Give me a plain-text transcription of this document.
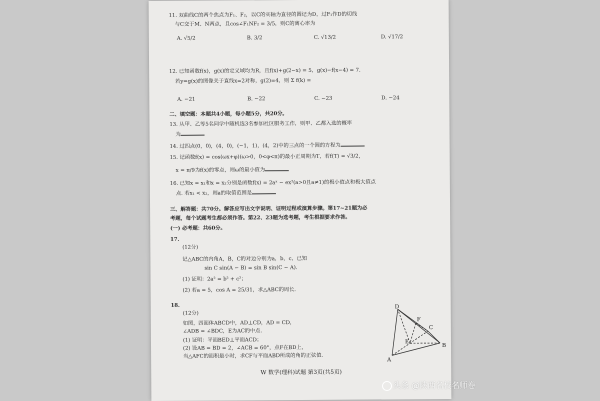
11. 双曲线C的两个焦点为F₁、F₂，以C的实轴为直径的圆记为D，过F₁作D的切线
与C交于M、N两点，且cos∠F₁NF₂ = 3/5，则C的离心率为
A. √5/2	B. 3/2	C. √13/2	D. √17/2
12. 已知函数f(x)，g(x)的定义域均为R，且f(x)+g(2−x) = 5，g(x)−f(x−4) = 7.
若y=g(x)的图像关于直线x=2对称，g(2)=4，则 Σ f(k) =
A. −21	B. −22	C. −23	D. −24
二、填空题：本题共4小题，每小题5分，共20分。
13. 从甲、乙等5名同学中随机选3名参加社区服务工作，则甲、乙都入选的概率
为
14. 过四点(0，0)，(4，0)，(−1，1)，(4，2)中的三点的一个圆的方程为
15. 记函数f(x) = cos(ωx+φ)(ω>0，0<φ<π)的最小正周期为T，若f(T) = √3/2，
x = π/9为f(x)的零点，则ω的最小值为
16. 已知x = x₁和x = x₂分别是函数f(x) = 2aˣ − ex²(a>0且a≠1)的极小值点和极大值点
点. 若x₁ < x₂，则a的取值范围是
三、解答题：共70分。解答应写出文字说明、证明过程或演算步骤。第17~21题为必
考题，每个试题考生都必须作答。第22、23题为选考题，考生根据要求作答。
(一) 必考题：共60分。
17.
(12分)
记△ABC的内角A，B，C的对边分别为a，b，c，已知
sin C sin(A − B) = sin B sin(C − A).
(1) 证明：2a² = b² + c²；
(2) 若a = 5，cos A = 25/31，求△ABC的周长.
18.
(12分)
如图，四面体ABCD中，AD⊥CD，AD = CD，
∠ADB = ∠BDC，E为AC的中点.
(1) 证明：平面BED⊥平面ACD；
(2) 设AB = BD = 2，∠ACB = 60°，点F在BD上，
当△AFC的面积最小时，求CF与平面ABD所成的角的正弦值.
D
E
F
A
B
C
W 数学(理科)试题 第3页(共5页)
头条 @陕西名校名师卷
